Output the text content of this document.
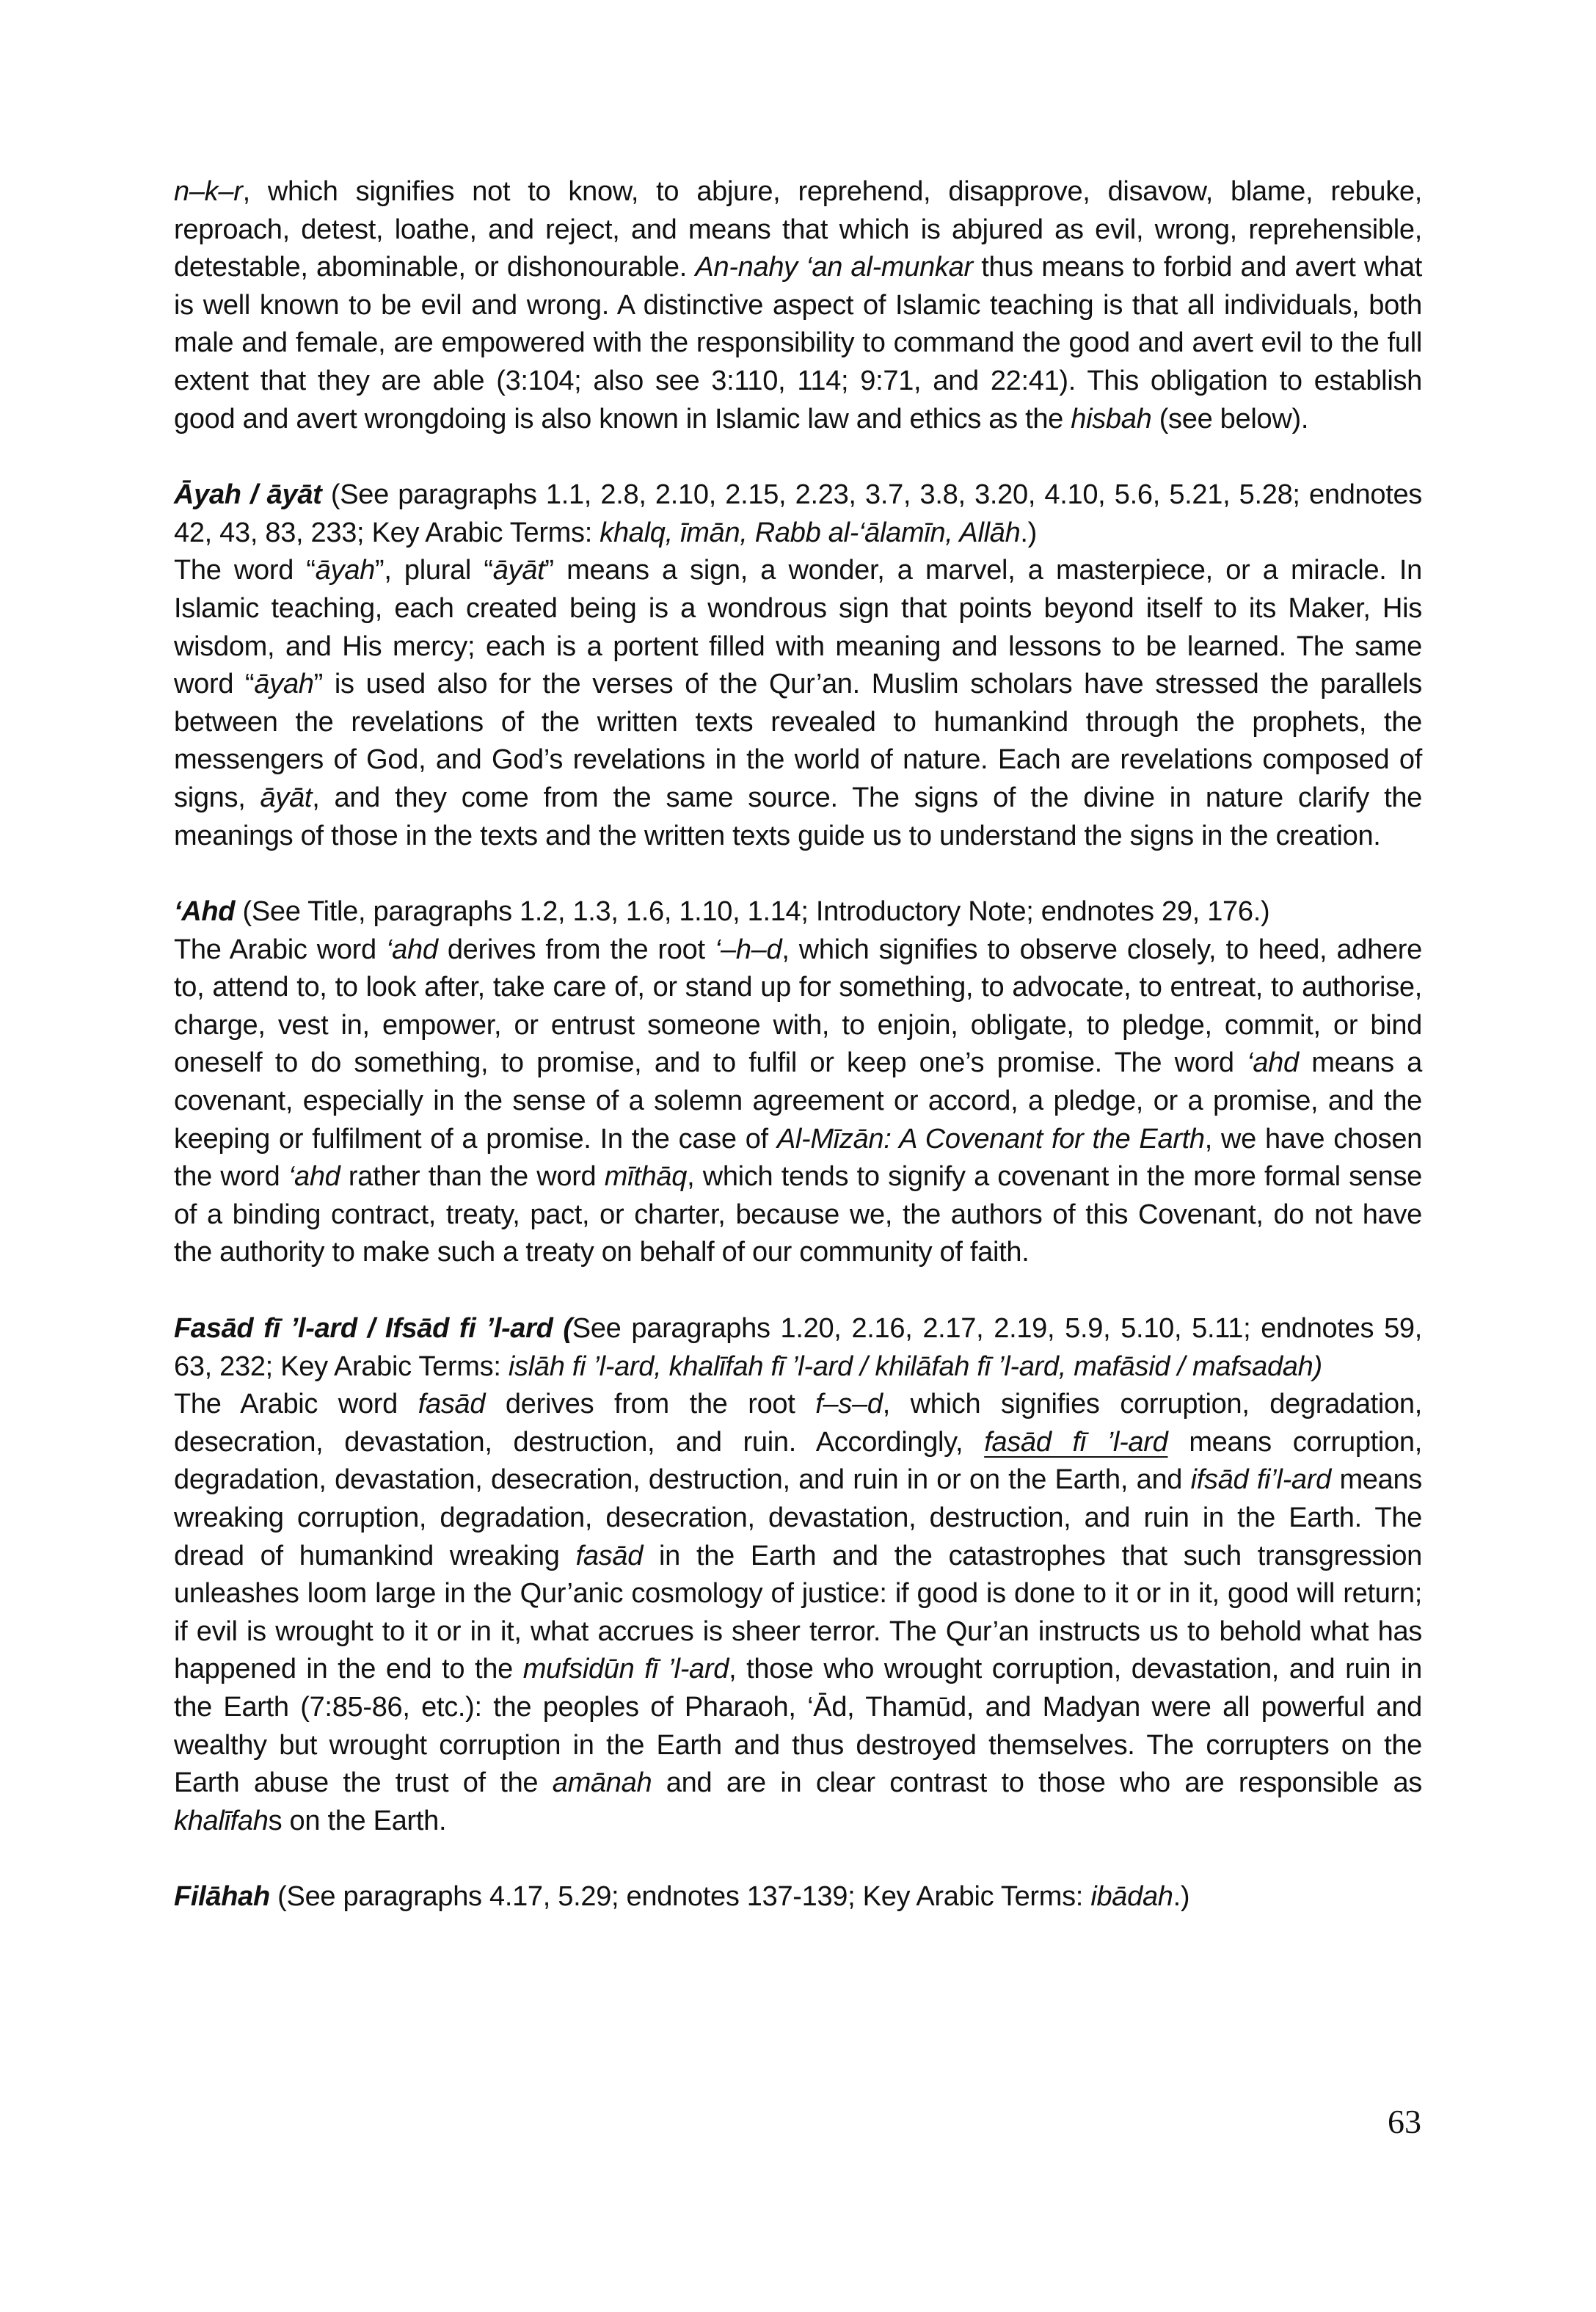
n–k–r, which signifies not to know, to abjure, reprehend, disapprove, disavow, blame, rebuke, reproach, detest, loathe, and reject, and means that which is abjured as evil, wrong, reprehensible, detestable, abominable, or dishonourable. An-nahy ‘an al-munkar thus means to forbid and avert what is well known to be evil and wrong. A distinctive aspect of Islamic teaching is that all individuals, both male and female, are empowered with the responsibility to command the good and avert evil to the full extent that they are able (3:104; also see 3:110, 114; 9:71, and 22:41). This obligation to establish good and avert wrongdoing is also known in Islamic law and ethics as the hisbah (see below).
Āyah / āyāt (See paragraphs 1.1, 2.8, 2.10, 2.15, 2.23, 3.7, 3.8, 3.20, 4.10, 5.6, 5.21, 5.28; endnotes 42, 43, 83, 233; Key Arabic Terms: khalq, īmān, Rabb al-‘ālamīn, Allāh.)
The word “āyah”, plural “āyāt” means a sign, a wonder, a marvel, a masterpiece, or a miracle. In Islamic teaching, each created being is a wondrous sign that points beyond itself to its Maker, His wisdom, and His mercy; each is a portent filled with meaning and lessons to be learned. The same word “āyah” is used also for the verses of the Qur’an. Muslim scholars have stressed the parallels between the revelations of the written texts revealed to humankind through the prophets, the messengers of God, and God’s revelations in the world of nature. Each are revelations composed of signs, āyāt, and they come from the same source. The signs of the divine in nature clarify the meanings of those in the texts and the written texts guide us to understand the signs in the creation.
‘Ahd (See Title, paragraphs 1.2, 1.3, 1.6, 1.10, 1.14; Introductory Note; endnotes 29, 176.)
The Arabic word ‘ahd derives from the root ‘–h–d, which signifies to observe closely, to heed, adhere to, attend to, to look after, take care of, or stand up for something, to advocate, to entreat, to authorise, charge, vest in, empower, or entrust someone with, to enjoin, obligate, to pledge, commit, or bind oneself to do something, to promise, and to fulfil or keep one’s promise. The word ‘ahd means a covenant, especially in the sense of a solemn agreement or accord, a pledge, or a promise, and the keeping or fulfilment of a promise. In the case of Al-Mīzān: A Covenant for the Earth, we have chosen the word ‘ahd rather than the word mīthāq, which tends to signify a covenant in the more formal sense of a binding contract, treaty, pact, or charter, because we, the authors of this Covenant, do not have the authority to make such a treaty on behalf of our community of faith.
Fasād fī ’l-ard / Ifsād fi ’l-ard (See paragraphs 1.20, 2.16, 2.17, 2.19, 5.9, 5.10, 5.11; endnotes 59, 63, 232; Key Arabic Terms: islāh fi ’l-ard, khalīfah fī ’l-ard / khilāfah fī ’l-ard, mafāsid / mafsadah)
The Arabic word fasād derives from the root f–s–d, which signifies corruption, degradation, desecration, devastation, destruction, and ruin. Accordingly, fasād fī ’l-ard means corruption, degradation, devastation, desecration, destruction, and ruin in or on the Earth, and ifsād fi’l-ard means wreaking corruption, degradation, desecration, devastation, destruction, and ruin in the Earth. The dread of humankind wreaking fasād in the Earth and the catastrophes that such transgression unleashes loom large in the Qur’anic cosmology of justice: if good is done to it or in it, good will return; if evil is wrought to it or in it, what accrues is sheer terror. The Qur’an instructs us to behold what has happened in the end to the mufsidūn fī ’l-ard, those who wrought corruption, devastation, and ruin in the Earth (7:85-86, etc.): the peoples of Pharaoh, ‘Ād, Thamūd, and Madyan were all powerful and wealthy but wrought corruption in the Earth and thus destroyed themselves. The corrupters on the Earth abuse the trust of the amānah and are in clear contrast to those who are responsible as khalīfahs on the Earth.
Filāhah (See paragraphs 4.17, 5.29; endnotes 137-139; Key Arabic Terms: ibādah.)
63
